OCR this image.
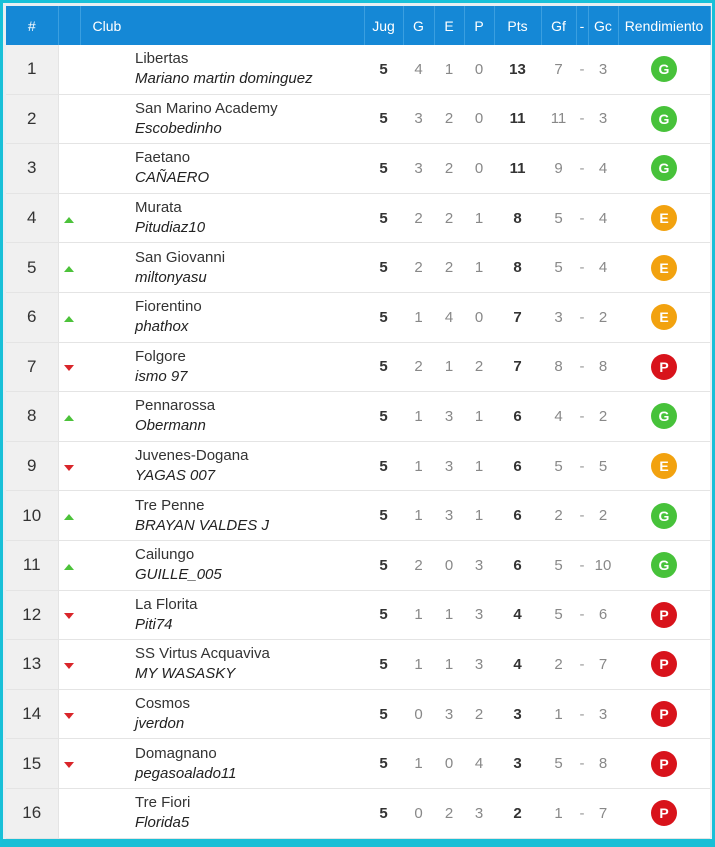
#		Club	Jug	G	E	P	Pts	Gf	-	Gc	Rendimiento
1		Libertas
Mariano martin dominguez	5	4	1	0	13	7	-	3	G
2		San Marino Academy
Escobedinho	5	3	2	0	11	11	-	3	G
3		Faetano
CAÑAERO	5	3	2	0	11	9	-	4	G
4		Murata
Pitudiaz10	5	2	2	1	8	5	-	4	E
5		San Giovanni
miltonyasu	5	2	2	1	8	5	-	4	E
6		Fiorentino
phathox	5	1	4	0	7	3	-	2	E
7		Folgore
ismo 97	5	2	1	2	7	8	-	8	P
8		Pennarossa
Obermann	5	1	3	1	6	4	-	2	G
9		Juvenes-Dogana
YAGAS 007	5	1	3	1	6	5	-	5	E
10		Tre Penne
BRAYAN VALDES J	5	1	3	1	6	2	-	2	G
11		Cailungo
GUILLE_005	5	2	0	3	6	5	-	10	G
12		La Florita
Piti74	5	1	1	3	4	5	-	6	P
13		SS Virtus Acquaviva
MY WASASKY	5	1	1	3	4	2	-	7	P
14		Cosmos
jverdon	5	0	3	2	3	1	-	3	P
15		Domagnano
pegasoalado11	5	1	0	4	3	5	-	8	P
16		Tre Fiori
Florida5	5	0	2	3	2	1	-	7	P
